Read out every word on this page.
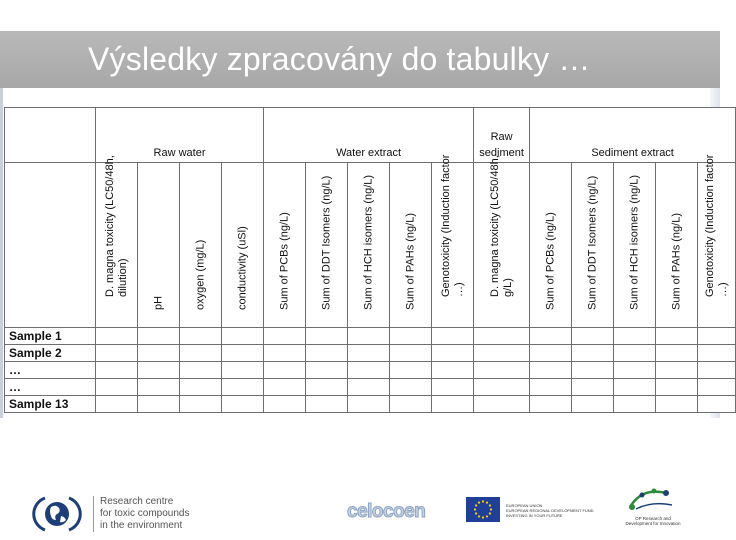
Výsledky zpracovány do tabulky …

	Raw water				Water extract					Raw sediment	Sediment extract				

	D. magna toxicity (LC50/48h, dilution)	pH	oxygen (mg/L)	conductivity (uSl)	Sum of PCBs (ng/L)	Sum of DDT Isomers (ng/L)	Sum of HCH isomers (ng/L)	Sum of PAHs (ng/L)	Genotoxicity (Induction factor …)	D. magna toxicity (LC50/48h, g/L)	Sum of PCBs (ng/L)	Sum of DDT Isomers (ng/L)	Sum of HCH isomers (ng/L)	Sum of PAHs (ng/L)	Genotoxicity (Induction factor …)

Sample 1															
Sample 2															
…															
…															
Sample 13															
Research centre
for toxic compounds
in the environment
celocoen	EUROPEAN UNION
EUROPEAN REGIONAL DEVELOPMENT FUND
INVESTING IN YOUR FUTURE
OP Research and
Development for Innovation
